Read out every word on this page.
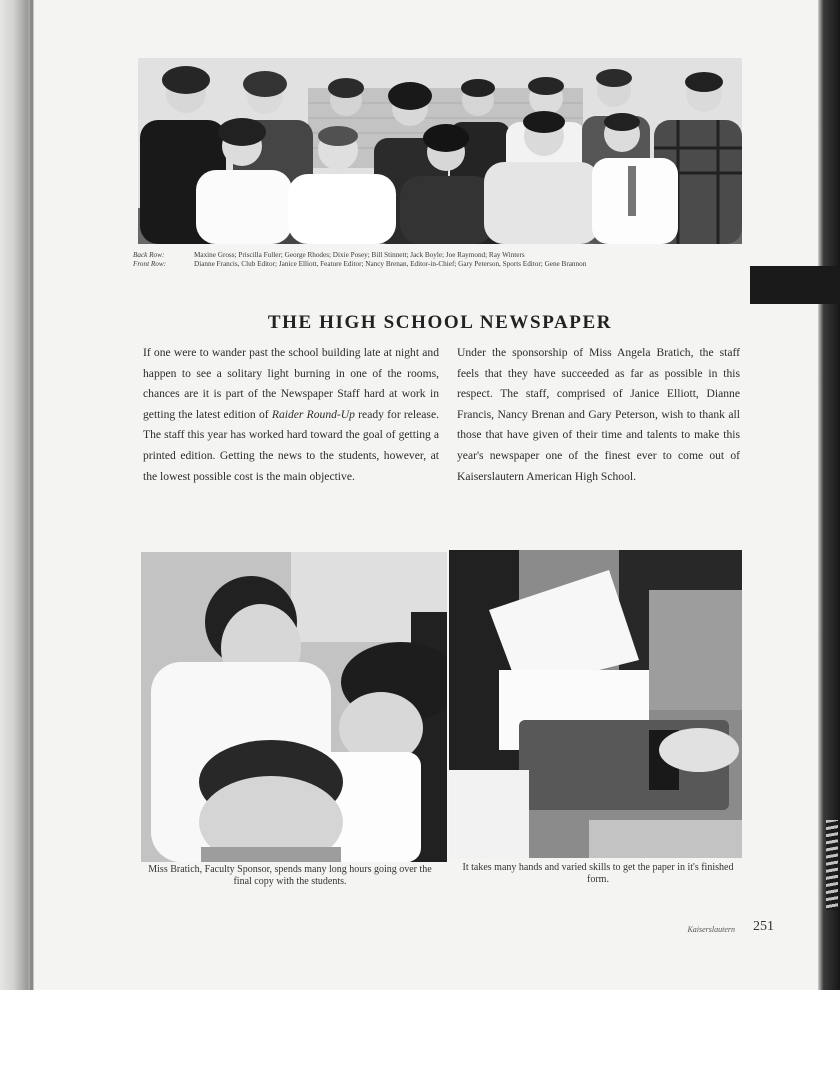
Back Row:	Maxine Gross; Priscilla Fuller; George Rhodes; Dixie Posey; Bill Stinnett; Jack Boyle; Joe Raymond; Ray Winters
Front Row:	Dianne Francis, Club Editor; Janice Elliott, Feature Editor; Nancy Brenan, Editor-in-Chief; Gary Peterson, Sports Editor; Gene Brannon
THE HIGH SCHOOL NEWSPAPER

If one were to wander past the school building late at night and happen to see a solitary light burning in one of the rooms, chances are it is part of the Newspaper Staff hard at work in getting the latest edition of Raider Round-Up ready for release. The staff this year has worked hard toward the goal of getting a printed edition. Getting the news to the students, however, at the lowest possible cost is the main objective.

Under the sponsorship of Miss Angela Bratich, the staff feels that they have succeeded as far as possible in this respect. The staff, comprised of Janice Elliott, Dianne Francis, Nancy Brenan and Gary Peterson, wish to thank all those that have given of their time and talents to make this year's newspaper one of the finest ever to come out of Kaiserslautern American High School.

Miss Bratich, Faculty Sponsor, spends many long hours going over the final copy with the students.
It takes many hands and varied skills to get the paper in it's finished form.
Kaiserslautern	251
